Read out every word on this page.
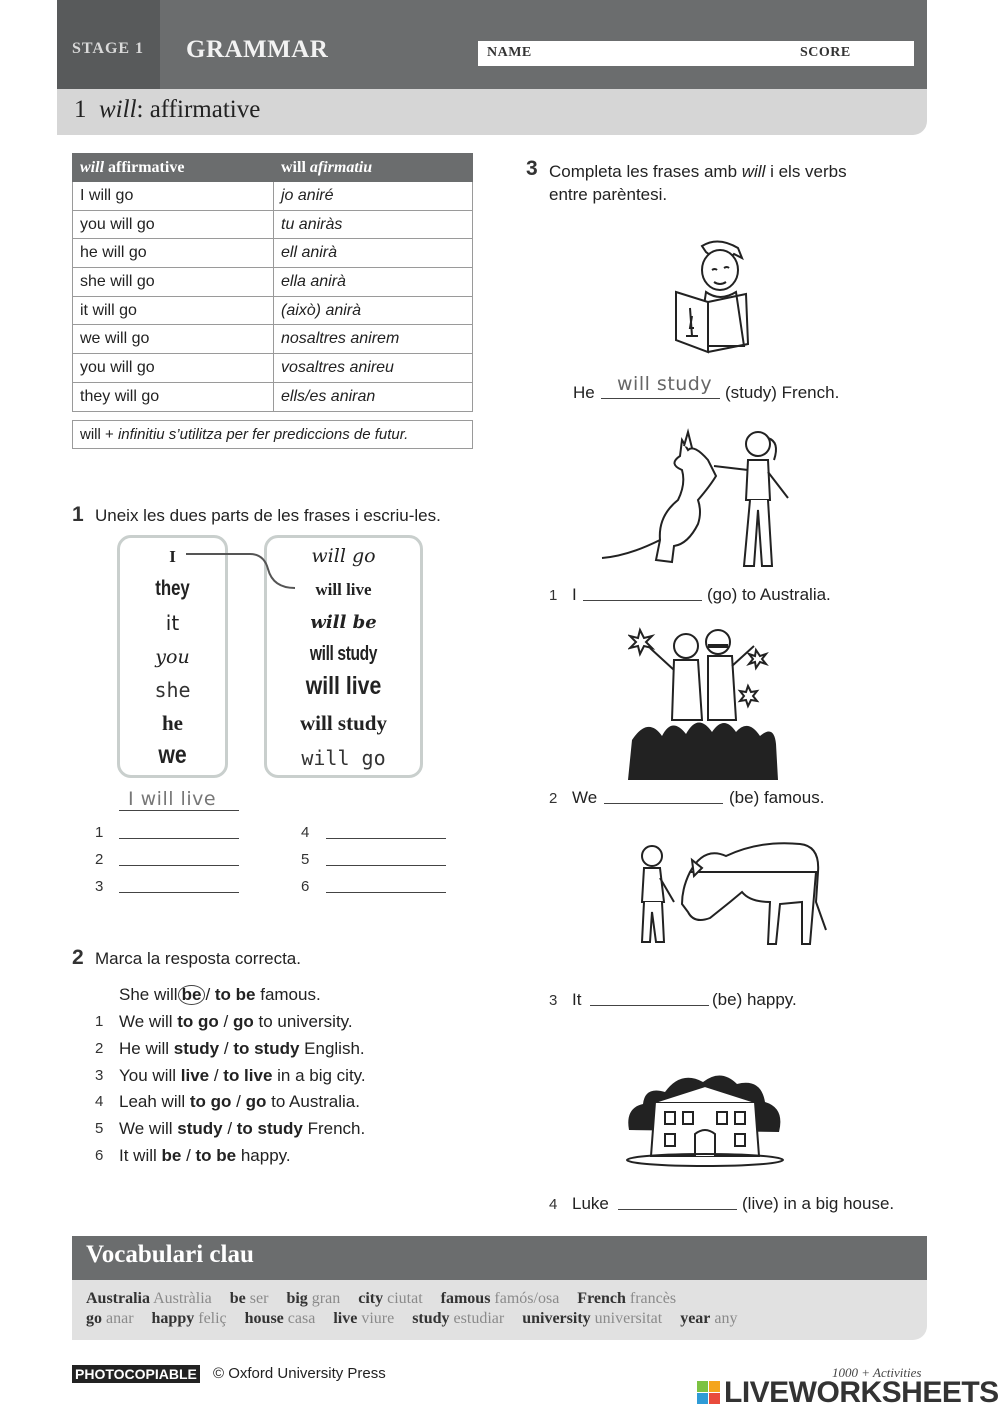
STAGE 1	GRAMMAR	NAME	SCORE
1 will: affirmative
will affirmative	will afirmatiu
I will go	jo aniré
you will go	tu aniràs
he will go	ell anirà
she will go	ella anirà
it will go	(això) anirà
we will go	nosaltres anirem
you will go	vosaltres anireu
they will go	ells/es aniran
will + infinitiu s’utilitza per fer prediccions de futur.
1 Uneix les dues parts de les frases i escriu-les.
I
they
it
you
she
he
we
will go
will live
will be
will study
will live
will study
will go
I will live
1
2
3
4
5
6
2 Marca la resposta correcta.
She will be / to be famous.
1 We will to go / go to university.
2 He will study / to study English.
3 You will live / to live in a big city.
4 Leah will to go / go to Australia.
5 We will study / to study French.
6 It will be / to be happy.
3 Completa les frases amb will i els verbs
entre parèntesi.
He will study (study) French.
1 I	(go) to Australia.
2 We	(be) famous.
3 It	(be) happy.
4 Luke	(live) in a big house.
Vocabulari clau
Australia Austràlia be ser big gran city ciutat famous famós/osa French francès
go anar happy feliç house casa live viure study estudiar university universitat year any
PHOTOCOPIABLE © Oxford University Press	1000 + Activities
LIVEWORKSHEETS
